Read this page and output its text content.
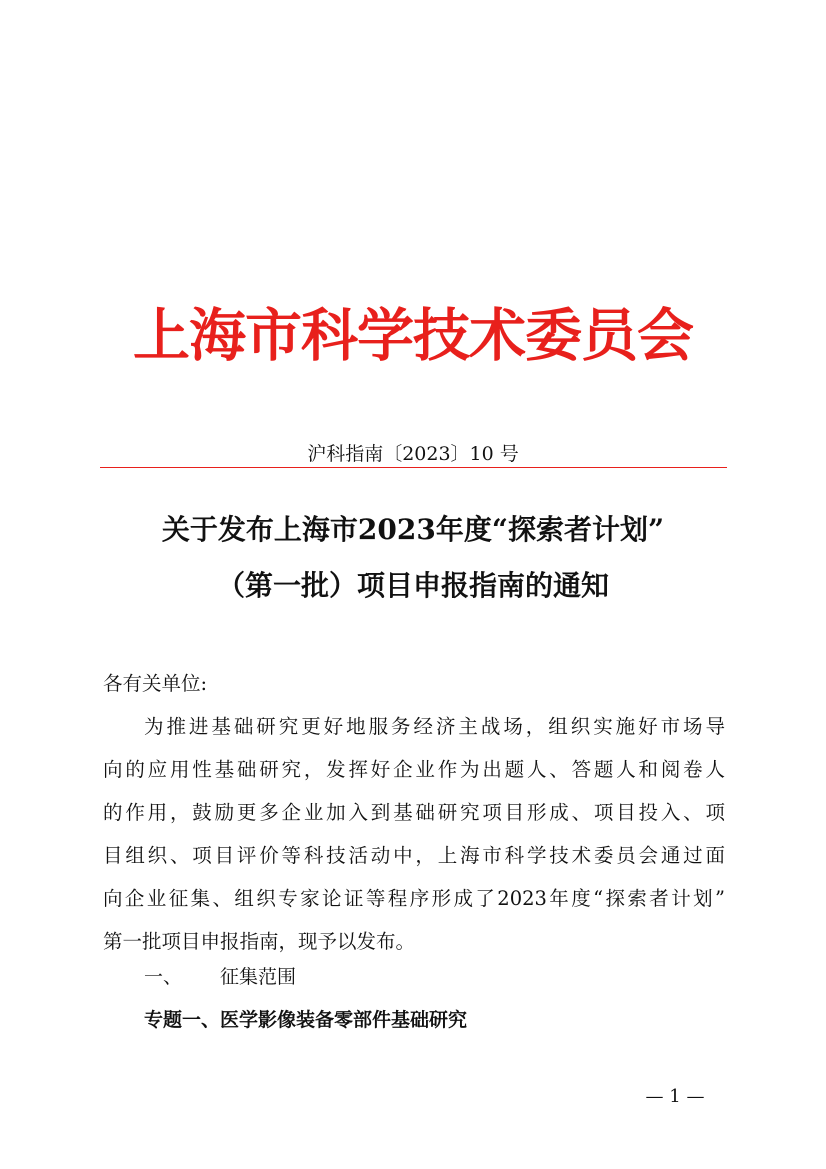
上海市科学技术委员会
沪科指南〔2023〕10 号
关于发布上海市2023年度“探索者计划”
（第一批）项目申报指南的通知
各有关单位:
为推进基础研究更好地服务经济主战场，组织实施好市场导
向的应用性基础研究，发挥好企业作为出题人、答题人和阅卷人
的作用，鼓励更多企业加入到基础研究项目形成、项目投入、项
目组织、项目评价等科技活动中，上海市科学技术委员会通过面
向企业征集、组织专家论证等程序形成了2023年度“探索者计划”
第一批项目申报指南，现予以发布。
一、 征集范围
专题一、医学影像装备零部件基础研究
— 1 —
